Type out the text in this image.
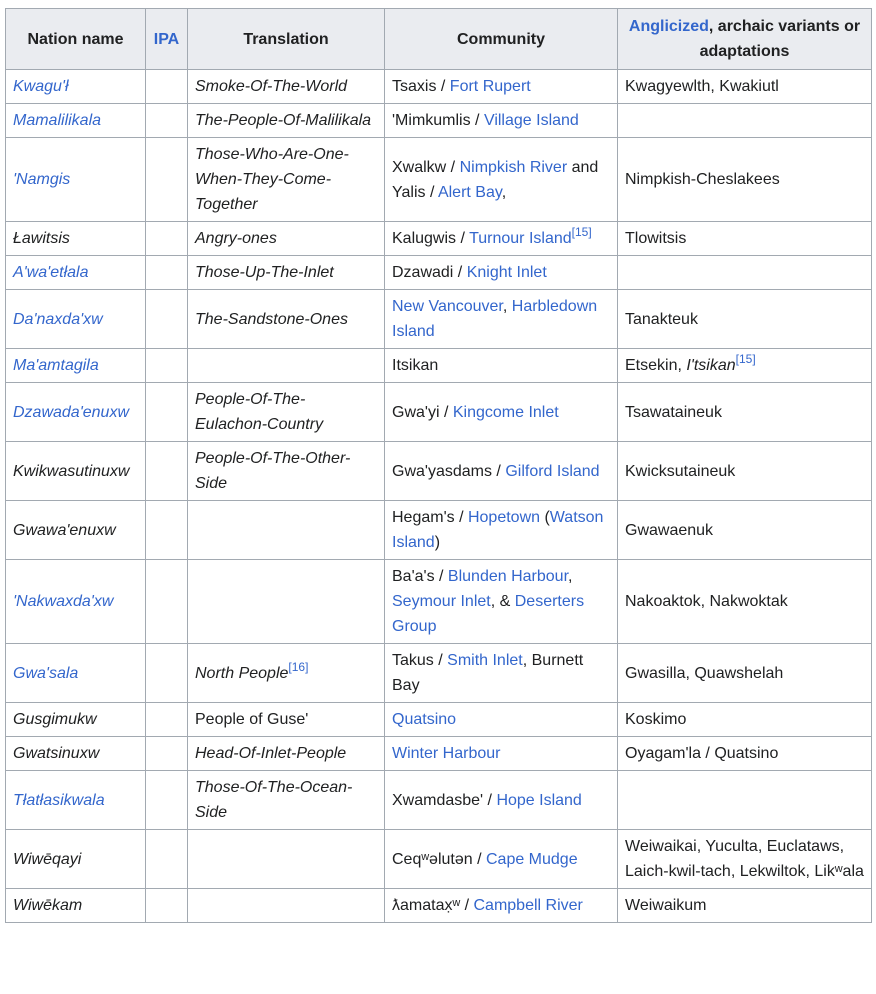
Nation name	IPA	Translation	Community	Anglicized, archaic variants or adaptations
Kwagu'ł		Smoke-Of-The-World	Tsaxis / Fort Rupert	Kwagyewlth, Kwakiutl
Mamalilikala		The-People-Of-Malilikala	'Mimkumlis / Village Island	
'Namgis		Those-Who-Are-One-When-They-Come-Together	Xwalkw / Nimpkish River and Yalis / Alert Bay,	Nimpkish-Cheslakees
Ławitsis		Angry-ones	Kalugwis / Turnour Island[15]	Tlowitsis
A'wa'etłala		Those-Up-The-Inlet	Dzawadi / Knight Inlet	
Da'naxda'xw		The-Sandstone-Ones	New Vancouver, Harbledown Island	Tanakteuk
Ma'amtagila			Itsikan	Etsekin, I'tsikan[15]
Dzawada'enuxw		People-Of-The-Eulachon-Country	Gwa'yi / Kingcome Inlet	Tsawataineuk
Kwikwasutinuxw		People-Of-The-Other-Side	Gwa'yasdams / Gilford Island	Kwicksutaineuk
Gwawa'enuxw			Hegam's / Hopetown (Watson Island)	Gwawaenuk
'Nakwaxda'xw			Ba'a's / Blunden Harbour, Seymour Inlet, & Deserters Group	Nakoaktok, Nakwoktak
Gwa'sala		North People[16]	Takus / Smith Inlet, Burnett Bay	Gwasilla, Quawshelah
Gusgimukw		People of Guse'	Quatsino	Koskimo
Gwatsinuxw		Head-Of-Inlet-People	Winter Harbour	Oyagam'la / Quatsino
Tłatłasikwala		Those-Of-The-Ocean-Side	Xwamdasbe' / Hope Island	
Wiwēqayi			Ceqʷəlutən / Cape Mudge	Weiwaikai, Yuculta, Euclataws, Laich-kwil-tach, Lekwiltok, Likʷala
Wiwēkam			ƛamatax̣ʷ / Campbell River	Weiwaikum
